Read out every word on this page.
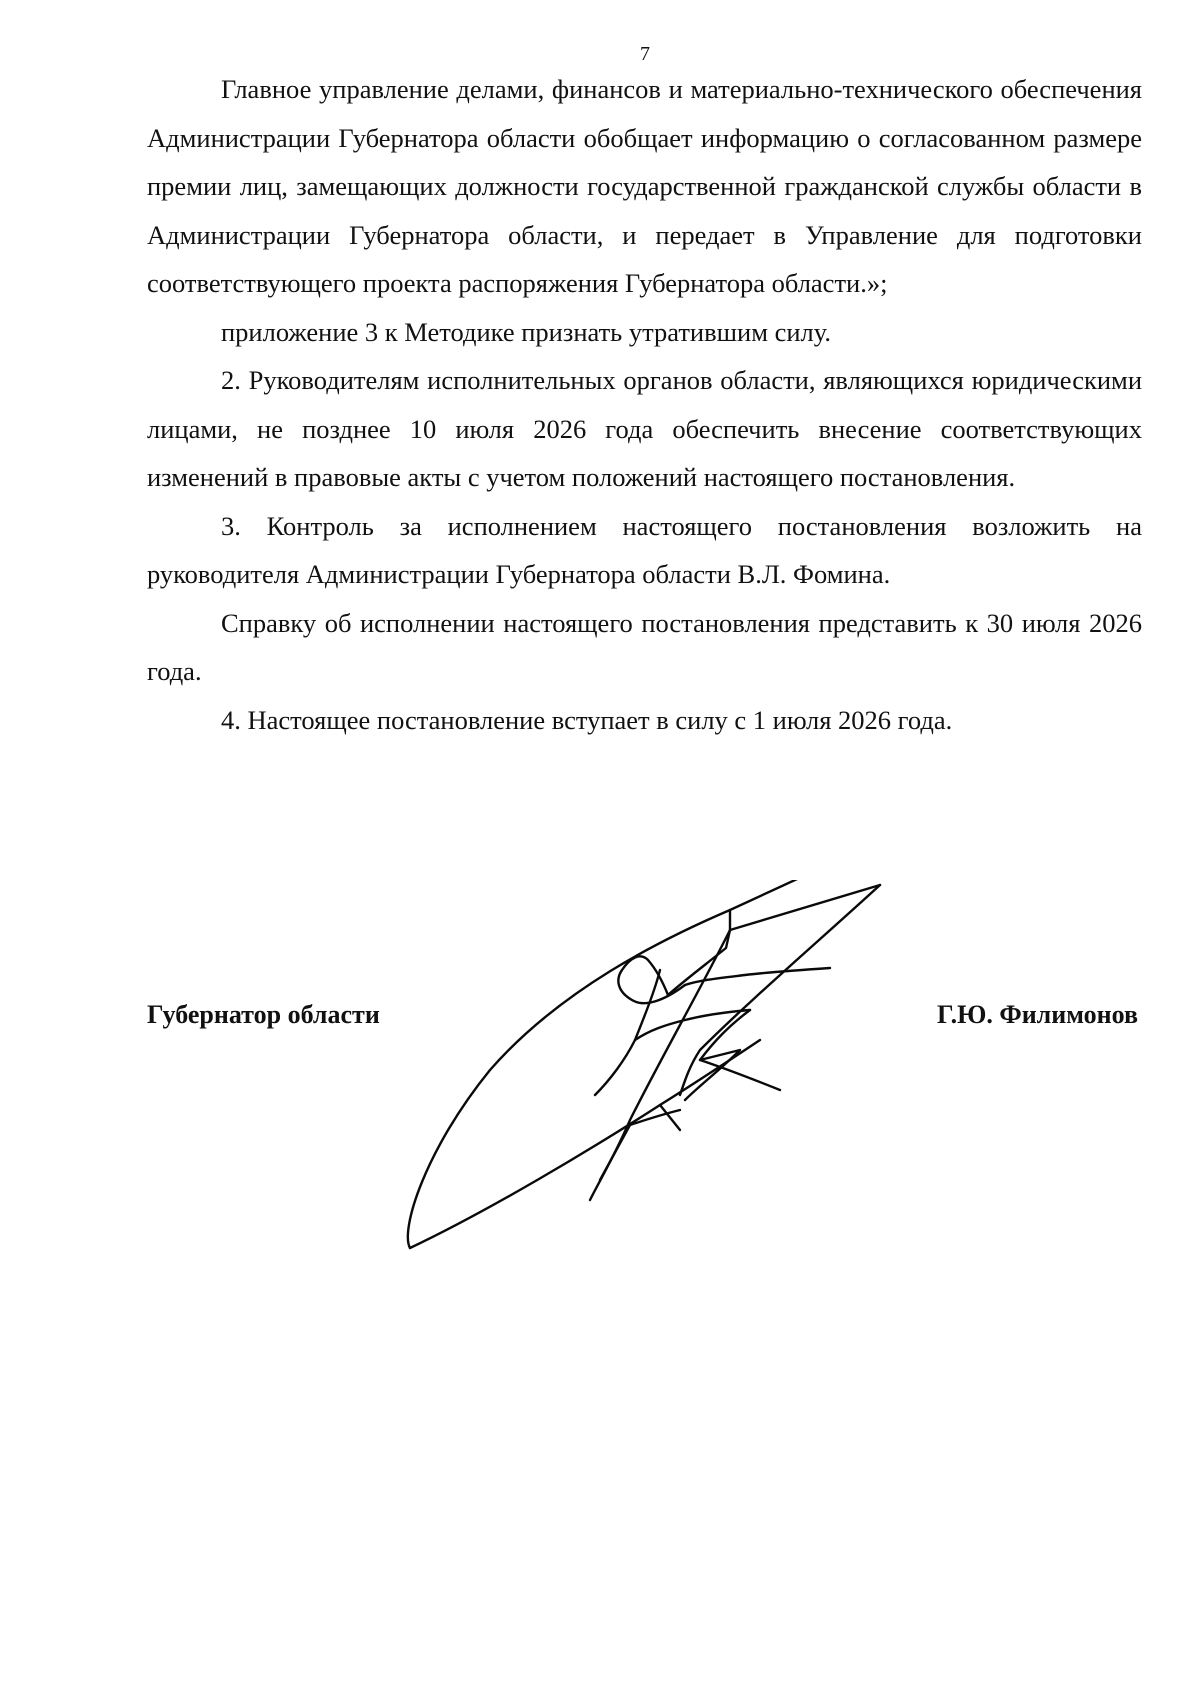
7

Главное управление делами, финансов и материально-технического обеспечения Администрации Губернатора области обобщает информацию о согласованном размере премии лиц, замещающих должности государственной гражданской службы области в Администрации Губернатора области, и передает в Управление для подготовки соответствующего проекта распоряжения Губернатора области.»;

приложение 3 к Методике признать утратившим силу.

2. Руководителям исполнительных органов области, являющихся юридическими лицами, не позднее 10 июля 2026 года обеспечить внесение соответствующих изменений в правовые акты с учетом положений настоящего постановления.

3. Контроль за исполнением настоящего постановления возложить на руководителя Администрации Губернатора области В.Л. Фомина.

Справку об исполнении настоящего постановления представить к 30 июля 2026 года.

4. Настоящее постановление вступает в силу с 1 июля 2026 года.

Губернатор области	Г.Ю. Филимонов
